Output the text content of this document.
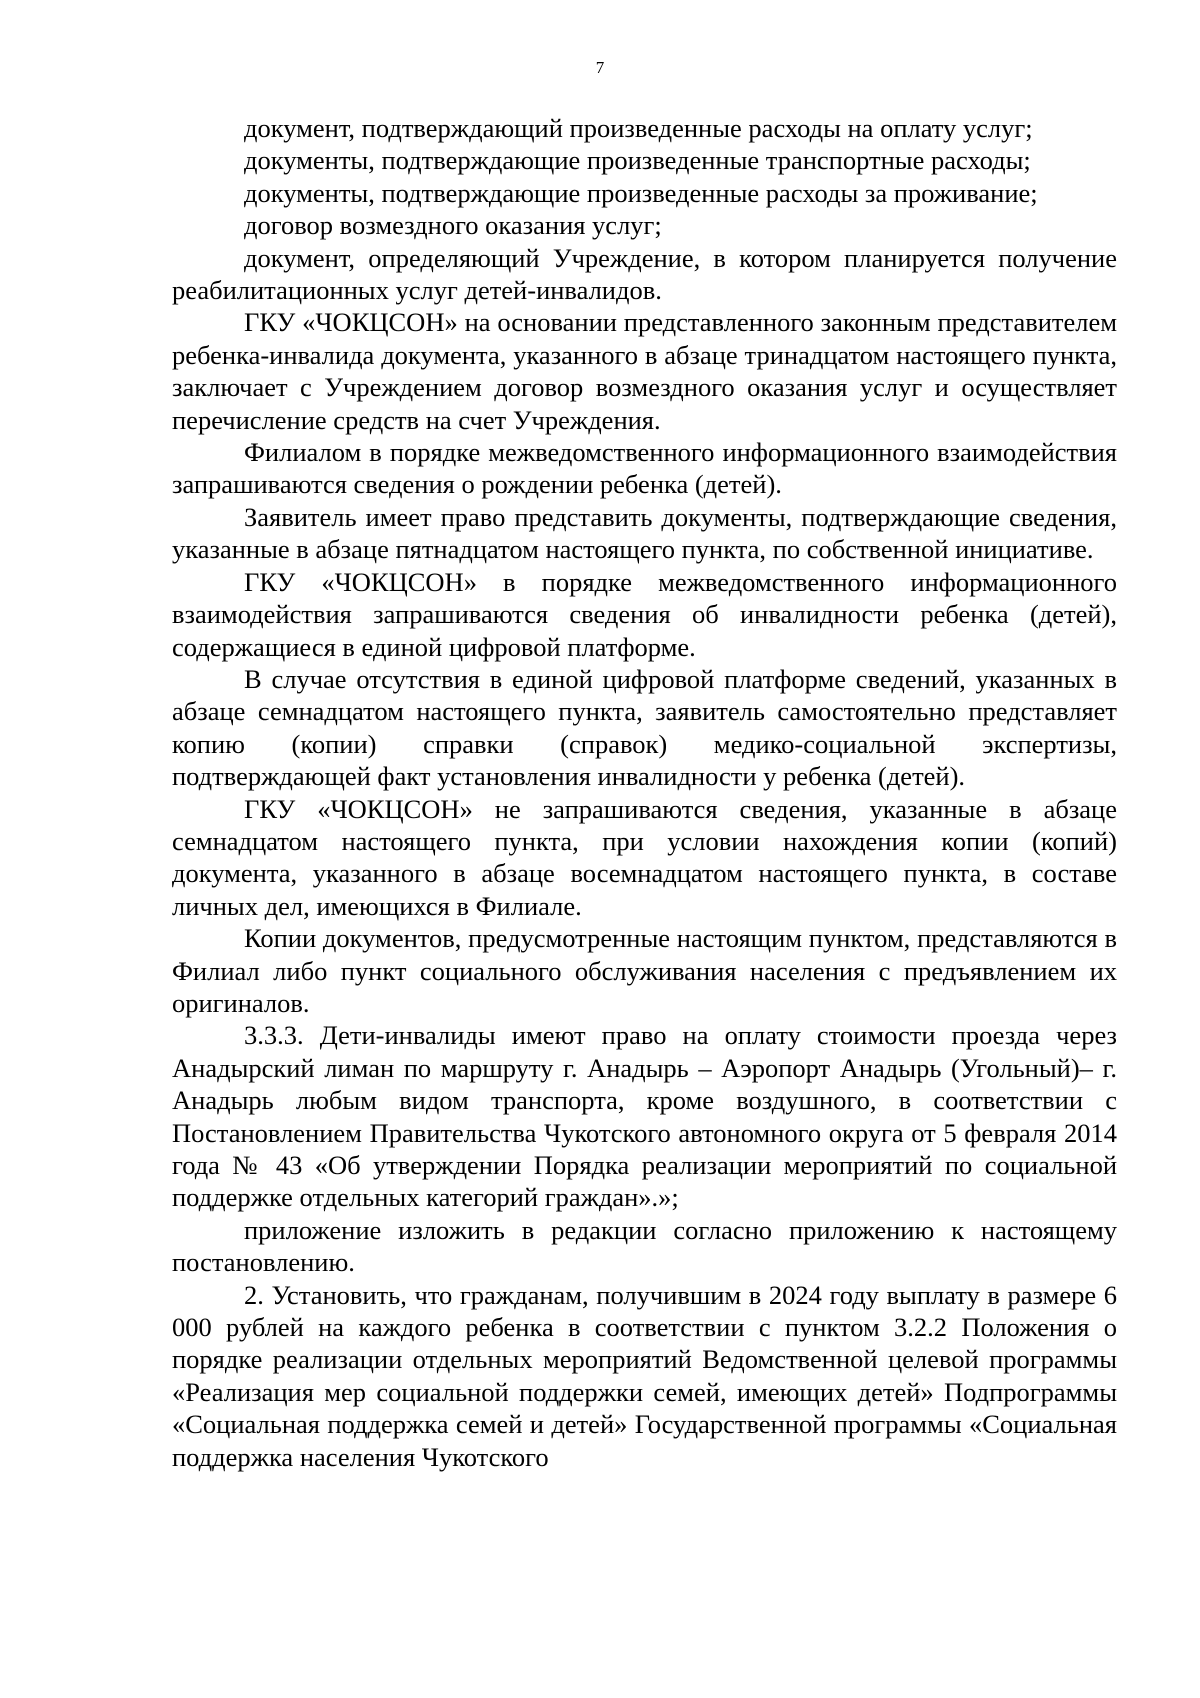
7

документ, подтверждающий произведенные расходы на оплату услуг;

документы, подтверждающие произведенные транспортные расходы;

документы, подтверждающие произведенные расходы за проживание;

договор возмездного оказания услуг;

документ, определяющий Учреждение, в котором планируется получение реабилитационных услуг детей-инвалидов.

ГКУ «ЧОКЦСОН» на основании представленного законным представителем ребенка-инвалида документа, указанного в абзаце тринадцатом настоящего пункта, заключает с Учреждением договор возмездного оказания услуг и осуществляет перечисление средств на счет Учреждения.

Филиалом в порядке межведомственного информационного взаимодействия запрашиваются сведения о рождении ребенка (детей).

Заявитель имеет право представить документы, подтверждающие сведения, указанные в абзаце пятнадцатом настоящего пункта, по собственной инициативе.

ГКУ «ЧОКЦСОН» в порядке межведомственного информационного взаимодействия запрашиваются сведения об инвалидности ребенка (детей), содержащиеся в единой цифровой платформе.

В случае отсутствия в единой цифровой платформе сведений, указанных в абзаце семнадцатом настоящего пункта, заявитель самостоятельно представляет копию (копии) справки (справок) медико-социальной экспертизы, подтверждающей факт установления инвалидности у ребенка (детей).

ГКУ «ЧОКЦСОН» не запрашиваются сведения, указанные в абзаце семнадцатом настоящего пункта, при условии нахождения копии (копий) документа, указанного в абзаце восемнадцатом настоящего пункта, в составе личных дел, имеющихся в Филиале.

Копии документов, предусмотренные настоящим пунктом, представляются в Филиал либо пункт социального обслуживания населения с предъявлением их оригиналов.

3.3.3. Дети-инвалиды имеют право на оплату стоимости проезда через Анадырский лиман по маршруту г. Анадырь – Аэропорт Анадырь (Угольный)– г. Анадырь любым видом транспорта, кроме воздушного, в соответствии с Постановлением Правительства Чукотского автономного округа от 5 февраля 2014 года № 43 «Об утверждении Порядка реализации мероприятий по социальной поддержке отдельных категорий граждан».»;

приложение изложить в редакции согласно приложению к настоящему постановлению.

2. Установить, что гражданам, получившим в 2024 году выплату в размере 6 000 рублей на каждого ребенка в соответствии с пунктом 3.2.2 Положения о порядке реализации отдельных мероприятий Ведомственной целевой программы «Реализация мер социальной поддержки семей, имеющих детей» Подпрограммы «Социальная поддержка семей и детей» Государственной программы «Социальная поддержка населения Чукотского
